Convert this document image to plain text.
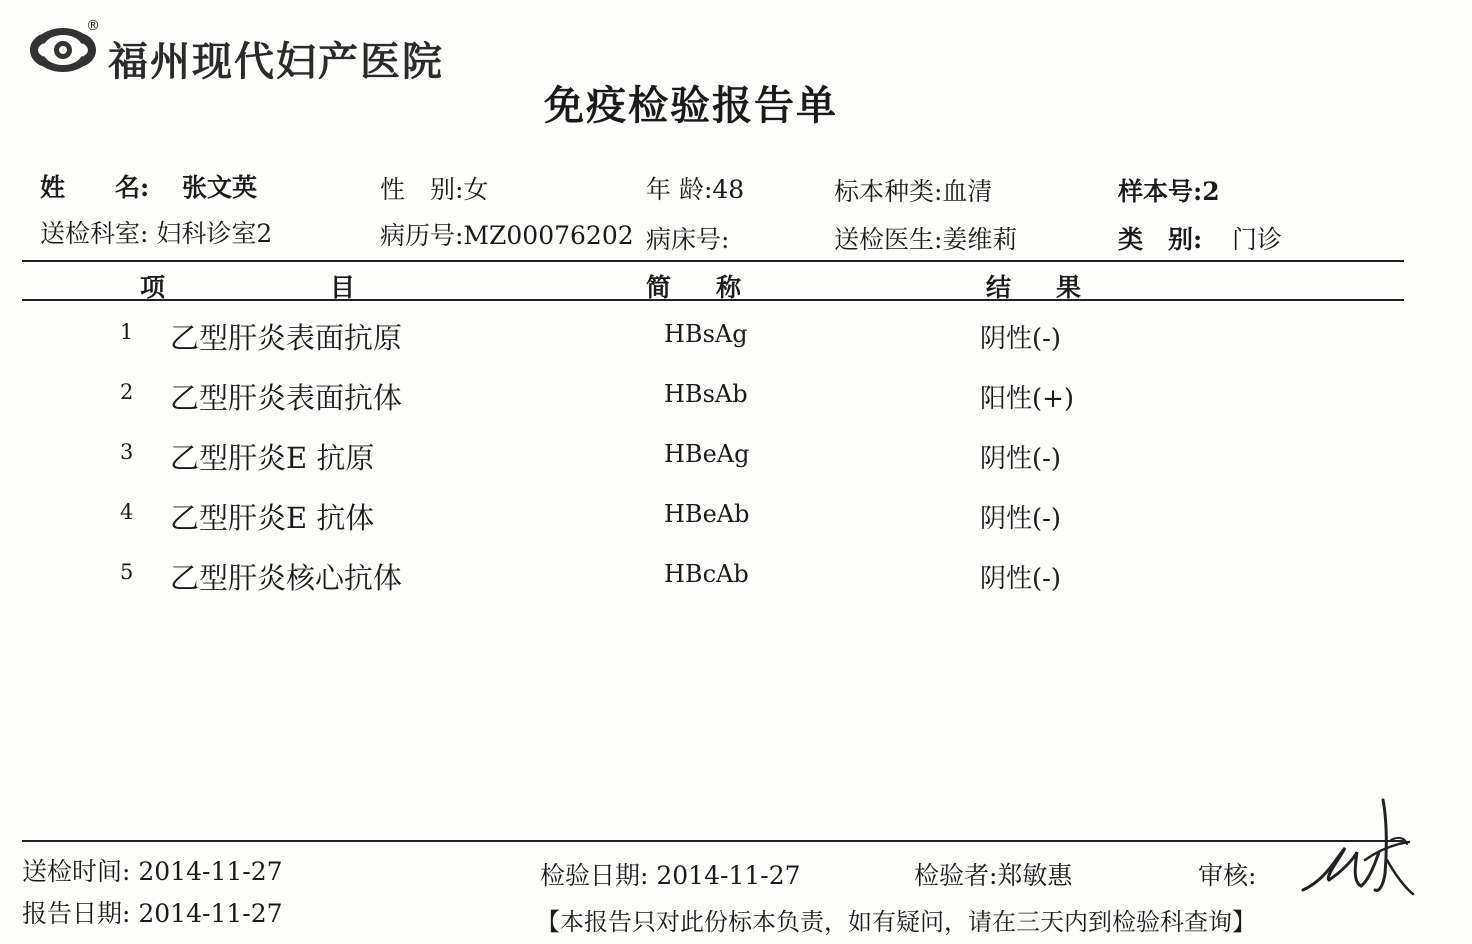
®
福州现代妇产医院
免疫检验报告单
姓　　名: 张文英	性　别:女	年 龄:48	标本种类:血清	样本号:2
送检科室: 妇科诊室2	病历号:MZ00076202 病床号:	送检医生:姜维莉	类　别: 门诊
项	目	简 称	结 果
1 乙型肝炎表面抗原	HBsAg	阴性(-)
2 乙型肝炎表面抗体	HBsAb	阳性(+)
3 乙型肝炎E 抗原	HBeAg	阴性(-)
4 乙型肝炎E 抗体	HBeAb	阴性(-)
5 乙型肝炎核心抗体	HBcAb	阴性(-)
送检时间: 2014-11-27
报告日期: 2014-11-27
检验日期: 2014-11-27	检验者:郑敏惠	审核:
【本报告只对此份标本负责，如有疑问，请在三天内到检验科查询】
